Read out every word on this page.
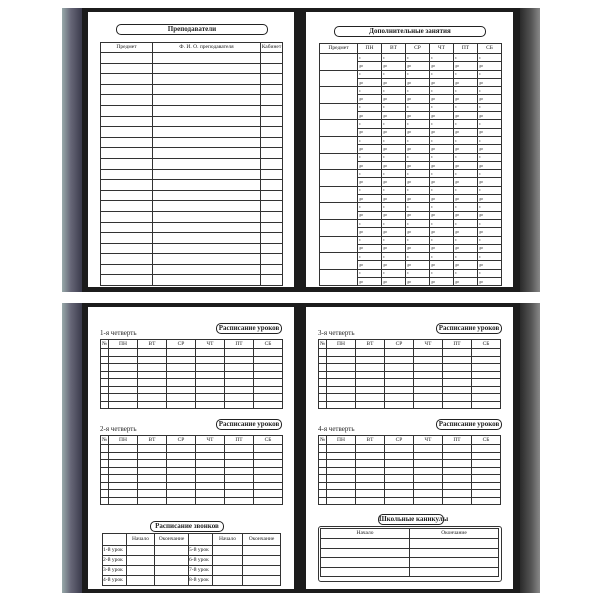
Преподаватели
Предмет	Ф. И. О. преподавателя	Кабинет

Дополнительные занятия
Предмет	ПН	ВТ	СР	ЧТ	ПТ	СБ
	с	с	с	с	с	с
	до	до	до	до	до	до
	с	с	с	с	с	с
	до	до	до	до	до	до
	с	с	с	с	с	с
	до	до	до	до	до	до
	с	с	с	с	с	с
	до	до	до	до	до	до
	с	с	с	с	с	с
	до	до	до	до	до	до
	с	с	с	с	с	с
	до	до	до	до	до	до
	с	с	с	с	с	с
	до	до	до	до	до	до
	с	с	с	с	с	с
	до	до	до	до	до	до
	с	с	с	с	с	с
	до	до	до	до	до	до
	с	с	с	с	с	с
	до	до	до	до	до	до
	с	с	с	с	с	с
	до	до	до	до	до	до
	с	с	с	с	с	с
	до	до	до	до	до	до
	с	с	с	с	с	с
	до	до	до	до	до	до
	с	с	с	с	с	с
	до	до	до	до	до	до
1-я четверть
Расписание уроков
№	ПН	ВТ	СР	ЧТ	ПТ	СБ

2-я четверть
Расписание уроков
№	ПН	ВТ	СР	ЧТ	ПТ	СБ

Расписание звонков
	Начало	Окончание		Начало	Окончание
1-й урок			5-й урок		
2-й урок			6-й урок		
3-й урок			7-й урок		
4-й урок			8-й урок		
3-я четверть
Расписание уроков
№	ПН	ВТ	СР	ЧТ	ПТ	СБ

4-я четверть
Расписание уроков
№	ПН	ВТ	СР	ЧТ	ПТ	СБ

Школьные каникулы
Начало	Окончание
